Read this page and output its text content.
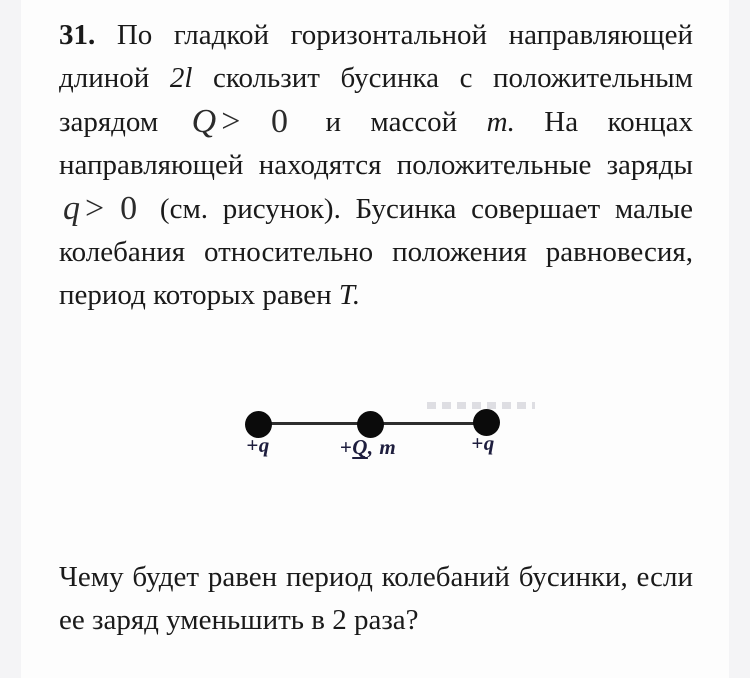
31. По гладкой горизонтальной направляющей длиной 2l скользит бусинка с положительным зарядом Q > 0 и массой m. На концах направляющей находятся положительные заряды q > 0 (см. рисунок). Бусинка совершает малые колебания относительно положения равновесия, период которых равен T.

+q	+Q, m	+q

Чему будет равен период колебаний бусинки, если ее заряд уменьшить в 2 раза?
